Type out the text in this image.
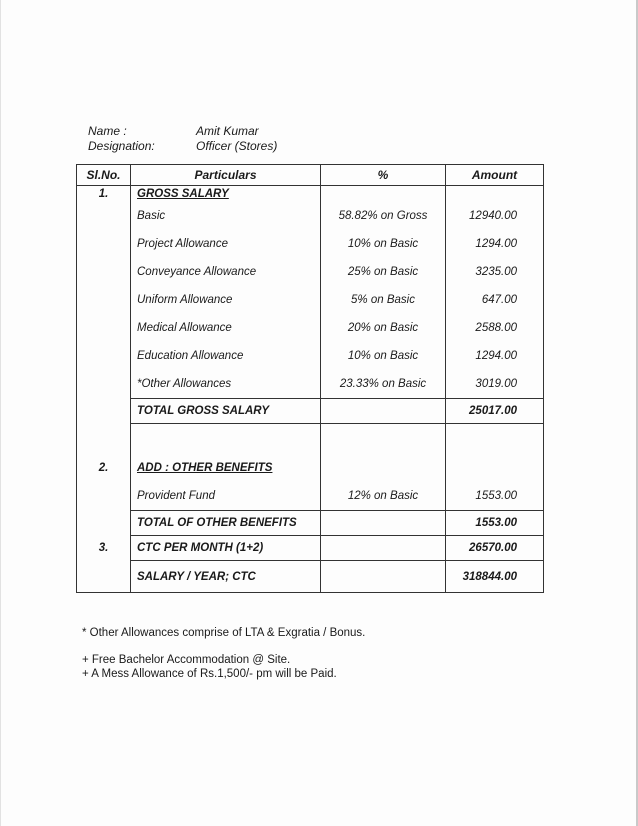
Name :	Amit Kumar
Designation:	Officer (Stores)
Sl.No.	Particulars	%	Amount
1.	GROSS SALARY		
	Basic	58.82% on Gross	12940.00
	Project Allowance	10% on Basic	1294.00
	Conveyance Allowance	25% on Basic	3235.00
	Uniform Allowance	5% on Basic	647.00
	Medical Allowance	20% on Basic	2588.00
	Education Allowance	10% on Basic	1294.00
	*Other Allowances	23.33% on Basic	3019.00
	TOTAL GROSS SALARY		25017.00

2.	ADD : OTHER BENEFITS		
	Provident Fund	12% on Basic	1553.00
	TOTAL OF OTHER BENEFITS		1553.00
3.	CTC PER MONTH (1+2)		26570.00
	SALARY / YEAR; CTC		318844.00
* Other Allowances comprise of LTA & Exgratia / Bonus.
+ Free Bachelor Accommodation @ Site.
+ A Mess Allowance of Rs.1,500/- pm will be Paid.
